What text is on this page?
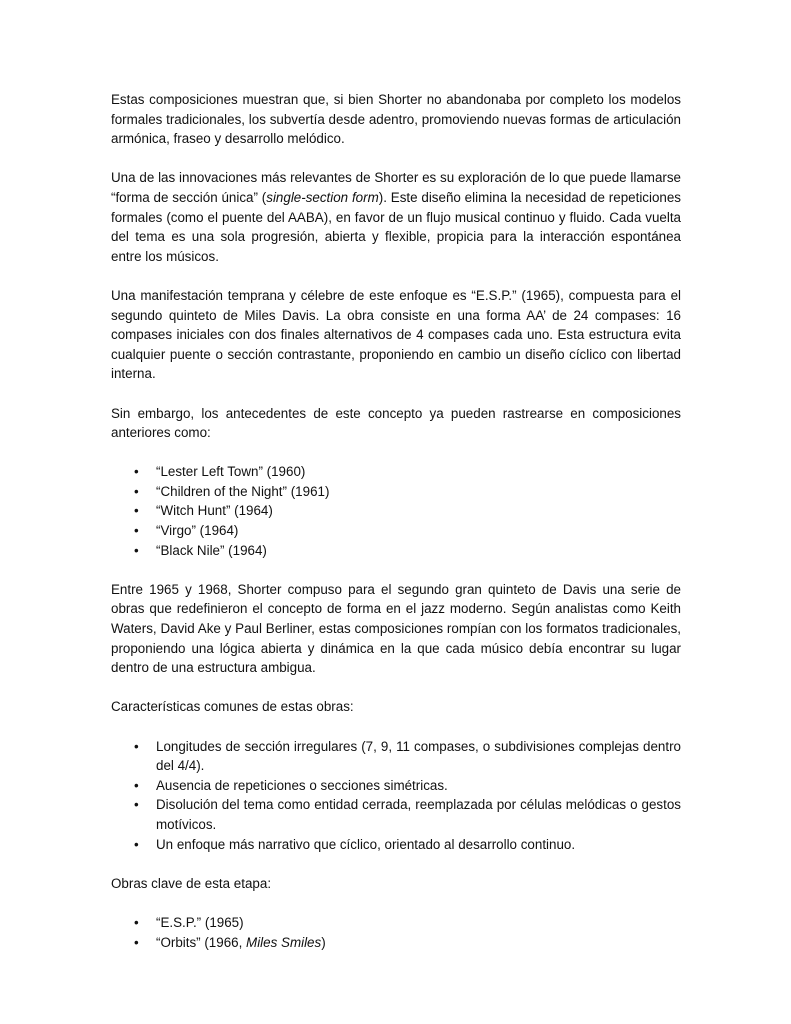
Estas composiciones muestran que, si bien Shorter no abandonaba por completo los modelos formales tradicionales, los subvertía desde adentro, promoviendo nuevas formas de articulación armónica, fraseo y desarrollo melódico.

Una de las innovaciones más relevantes de Shorter es su exploración de lo que puede llamarse “forma de sección única” (single-section form). Este diseño elimina la necesidad de repeticiones formales (como el puente del AABA), en favor de un flujo musical continuo y fluido. Cada vuelta del tema es una sola progresión, abierta y flexible, propicia para la interacción espontánea entre los músicos.

Una manifestación temprana y célebre de este enfoque es “E.S.P.” (1965), compuesta para el segundo quinteto de Miles Davis. La obra consiste en una forma AA’ de 24 compases: 16 compases iniciales con dos finales alternativos de 4 compases cada uno. Esta estructura evita cualquier puente o sección contrastante, proponiendo en cambio un diseño cíclico con libertad interna.

Sin embargo, los antecedentes de este concepto ya pueden rastrearse en composiciones anteriores como:

• “Lester Left Town” (1960)
• “Children of the Night” (1961)
• “Witch Hunt” (1964)
• “Virgo” (1964)
• “Black Nile” (1964)

Entre 1965 y 1968, Shorter compuso para el segundo gran quinteto de Davis una serie de obras que redefinieron el concepto de forma en el jazz moderno. Según analistas como Keith Waters, David Ake y Paul Berliner, estas composiciones rompían con los formatos tradicionales, proponiendo una lógica abierta y dinámica en la que cada músico debía encontrar su lugar dentro de una estructura ambigua.

Características comunes de estas obras:

• Longitudes de sección irregulares (7, 9, 11 compases, o subdivisiones complejas dentro del 4/4).
• Ausencia de repeticiones o secciones simétricas.
• Disolución del tema como entidad cerrada, reemplazada por células melódicas o gestos motívicos.
• Un enfoque más narrativo que cíclico, orientado al desarrollo continuo.

Obras clave de esta etapa:

• “E.S.P.” (1965)
• “Orbits” (1966, Miles Smiles)
